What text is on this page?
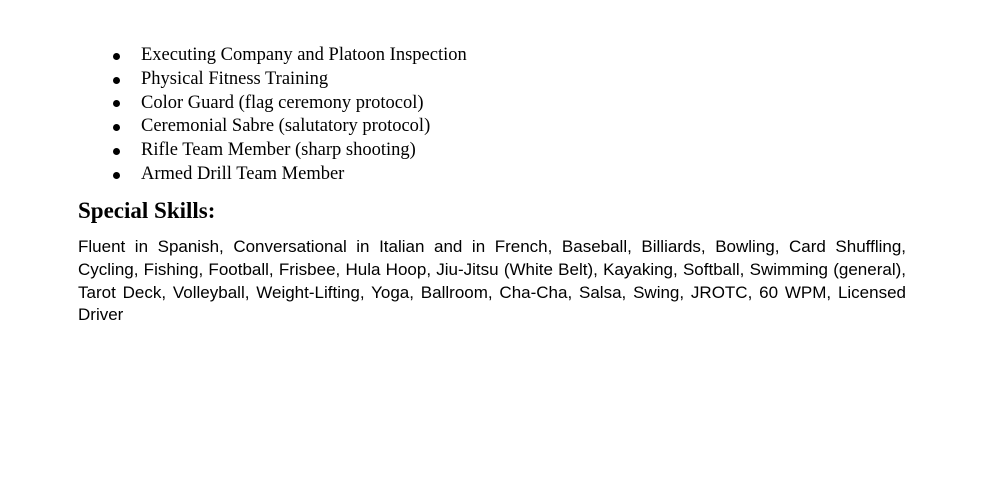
Executing Company and Platoon Inspection
Physical Fitness Training
Color Guard (flag ceremony protocol)
Ceremonial Sabre (salutatory protocol)
Rifle Team Member (sharp shooting)
Armed Drill Team Member
Special Skills:

Fluent in Spanish, Conversational in Italian and in French, Baseball, Billiards, Bowling, Card Shuffling, Cycling, Fishing, Football, Frisbee, Hula Hoop, Jiu-Jitsu (White Belt), Kayaking, Softball, Swimming (general), Tarot Deck, Volleyball, Weight-Lifting, Yoga, Ballroom, Cha-Cha, Salsa, Swing, JROTC, 60 WPM, Licensed Driver
